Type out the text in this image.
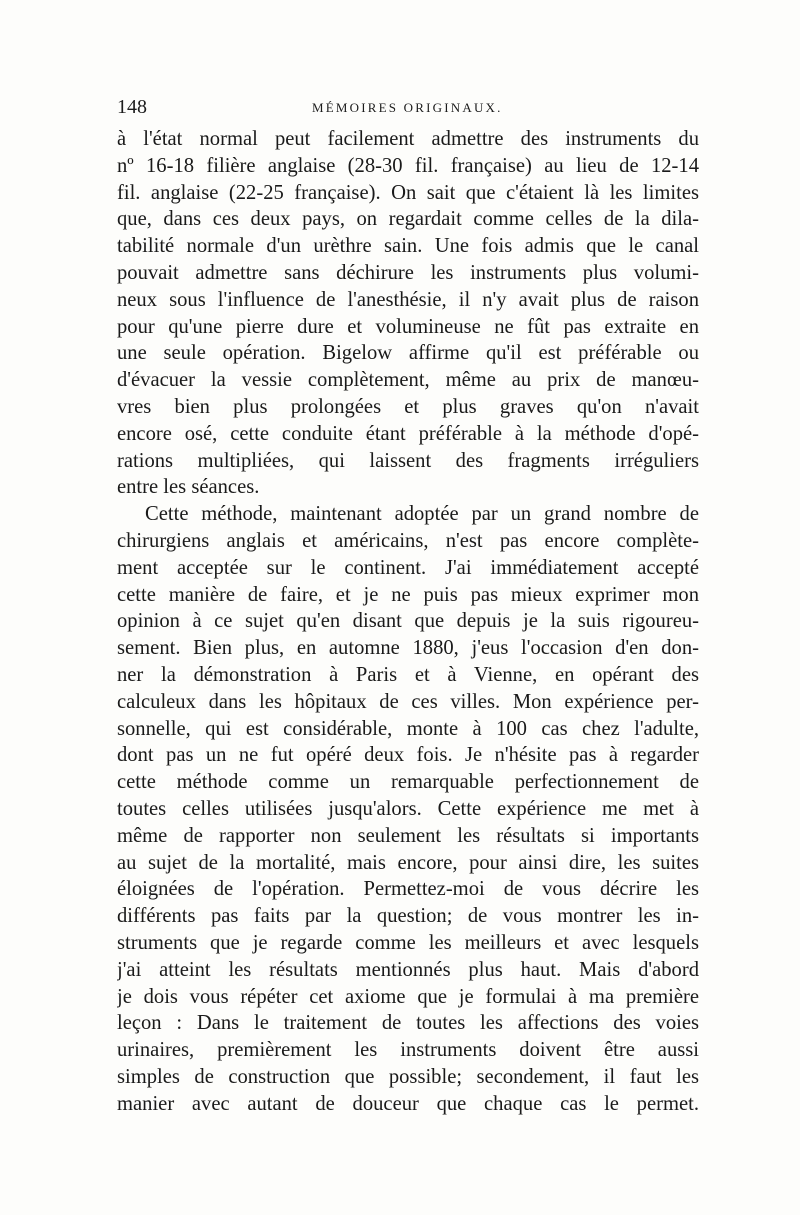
148	MÉMOIRES ORIGINAUX.
à l'état normal peut facilement admettre des instruments du
nº 16-18 filière anglaise (28-30 fil. française) au lieu de 12-14
fil. anglaise (22-25 française). On sait que c'étaient là les limites
que, dans ces deux pays, on regardait comme celles de la dila-
tabilité normale d'un urèthre sain. Une fois admis que le canal
pouvait admettre sans déchirure les instruments plus volumi-
neux sous l'influence de l'anesthésie, il n'y avait plus de raison
pour qu'une pierre dure et volumineuse ne fût pas extraite en
une seule opération. Bigelow affirme qu'il est préférable ou
d'évacuer la vessie complètement, même au prix de manœu-
vres bien plus prolongées et plus graves qu'on n'avait
encore osé, cette conduite étant préférable à la méthode d'opé-
rations multipliées, qui laissent des fragments irréguliers
entre les séances.
Cette méthode, maintenant adoptée par un grand nombre de
chirurgiens anglais et américains, n'est pas encore complète-
ment acceptée sur le continent. J'ai immédiatement accepté
cette manière de faire, et je ne puis pas mieux exprimer mon
opinion à ce sujet qu'en disant que depuis je la suis rigoureu-
sement. Bien plus, en automne 1880, j'eus l'occasion d'en don-
ner la démonstration à Paris et à Vienne, en opérant des
calculeux dans les hôpitaux de ces villes. Mon expérience per-
sonnelle, qui est considérable, monte à 100 cas chez l'adulte,
dont pas un ne fut opéré deux fois. Je n'hésite pas à regarder
cette méthode comme un remarquable perfectionnement de
toutes celles utilisées jusqu'alors. Cette expérience me met à
même de rapporter non seulement les résultats si importants
au sujet de la mortalité, mais encore, pour ainsi dire, les suites
éloignées de l'opération. Permettez-moi de vous décrire les
différents pas faits par la question; de vous montrer les in-
struments que je regarde comme les meilleurs et avec lesquels
j'ai atteint les résultats mentionnés plus haut. Mais d'abord
je dois vous répéter cet axiome que je formulai à ma première
leçon : Dans le traitement de toutes les affections des voies
urinaires, premièrement les instruments doivent être aussi
simples de construction que possible; secondement, il faut les
manier avec autant de douceur que chaque cas le permet.
